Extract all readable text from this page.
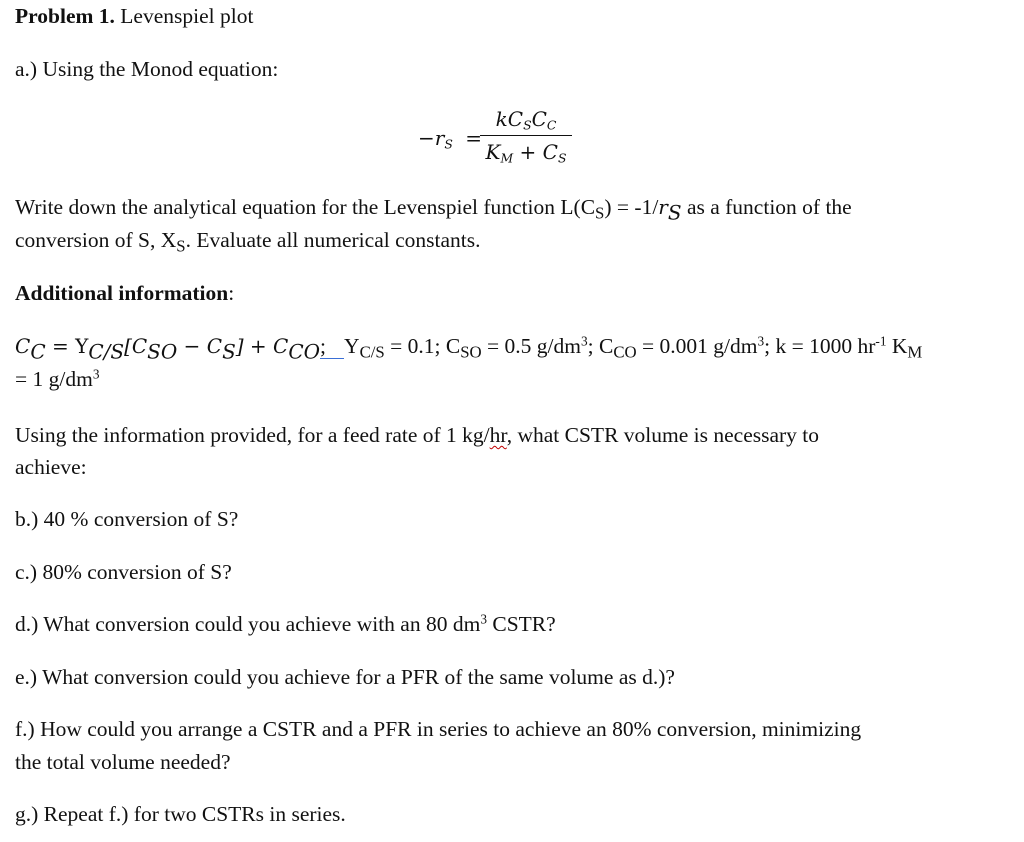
Problem 1. Levenspiel plot
a.) Using the Monod equation:
$-r_S$ =
$kC_SC_C$
$K_M + C_S$
Write down the analytical equation for the Levenspiel function $L(C_S) = -1/r_S$ as a function of the
conversion of S, $X_S$. Evaluate all numerical constants.
Additional information:
$C_C = Y_{C/S}[C_{SO} - C_S] + C_{CO}$; $Y_{C/S} = 0.1$; $C_{SO} = 0.5$ $g/dm^3$; $C_{CO} = 0.001$ $g/dm^3$; k = 1000 $hr^{-1}$ $K_M$
= 1 $g/dm^3$
Using the information provided, for a feed rate of 1 kg/hr, what CSTR volume is necessary to
achieve:
b.) 40 % conversion of S?
c.) 80% conversion of S?
d.) What conversion could you achieve with an 80 $dm^3$ CSTR?
e.) What conversion could you achieve for a PFR of the same volume as d.)?
f.) How could you arrange a CSTR and a PFR in series to achieve an 80% conversion, minimizing
the total volume needed?
g.) Repeat f.) for two CSTRs in series.
